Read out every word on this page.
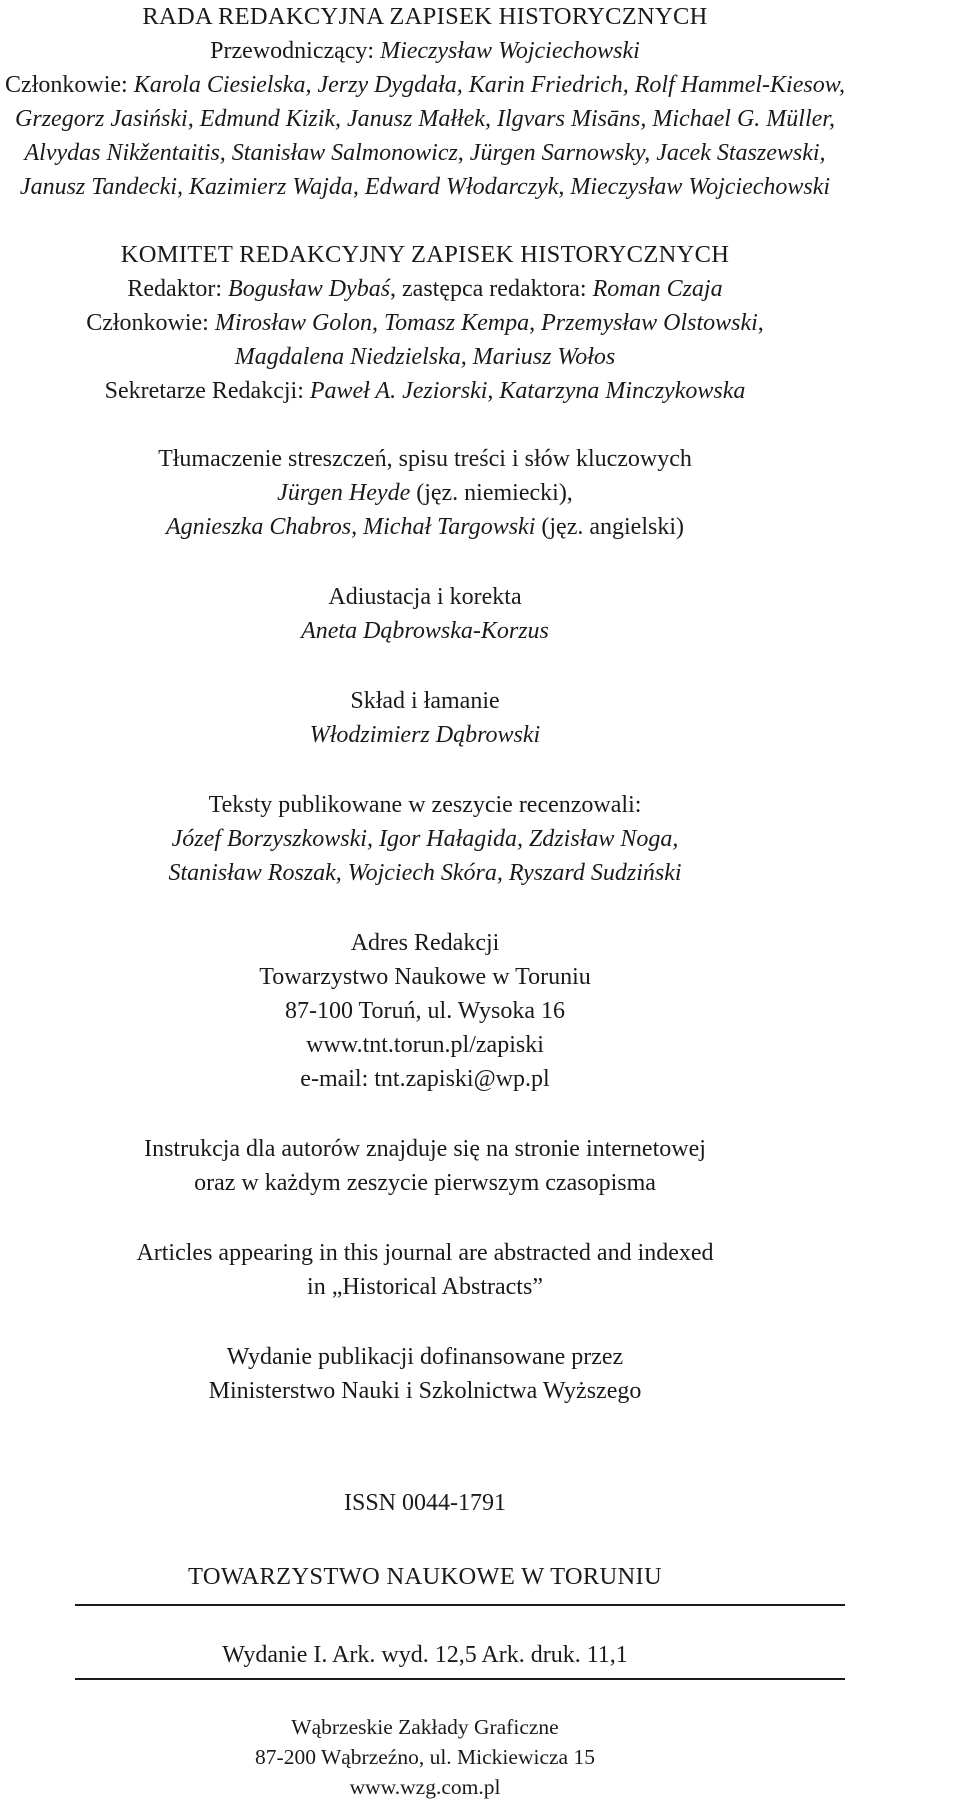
RADA REDAKCYJNA ZAPISEK HISTORYCZNYCH
Przewodniczący: Mieczysław Wojciechowski
Członkowie: Karola Ciesielska, Jerzy Dygdała, Karin Friedrich, Rolf Hammel-Kiesow,
Grzegorz Jasiński, Edmund Kizik, Janusz Małłek, Ilgvars Misāns, Michael G. Müller,
Alvydas Nikžentaitis, Stanisław Salmonowicz, Jürgen Sarnowsky, Jacek Staszewski,
Janusz Tandecki, Kazimierz Wajda, Edward Włodarczyk, Mieczysław Wojciechowski
KOMITET REDAKCYJNY ZAPISEK HISTORYCZNYCH
Redaktor: Bogusław Dybaś, zastępca redaktora: Roman Czaja
Członkowie: Mirosław Golon, Tomasz Kempa, Przemysław Olstowski,
Magdalena Niedzielska, Mariusz Wołos
Sekretarze Redakcji: Paweł A. Jeziorski, Katarzyna Minczykowska
Tłumaczenie streszczeń, spisu treści i słów kluczowych
Jürgen Heyde (jęz. niemiecki),
Agnieszka Chabros, Michał Targowski (jęz. angielski)
Adiustacja i korekta
Aneta Dąbrowska-Korzus
Skład i łamanie
Włodzimierz Dąbrowski
Teksty publikowane w zeszycie recenzowali:
Józef Borzyszkowski, Igor Hałagida, Zdzisław Noga,
Stanisław Roszak, Wojciech Skóra, Ryszard Sudziński
Adres Redakcji
Towarzystwo Naukowe w Toruniu
87-100 Toruń, ul. Wysoka 16
www.tnt.torun.pl/zapiski
e-mail: tnt.zapiski@wp.pl
Instrukcja dla autorów znajduje się na stronie internetowej
oraz w każdym zeszycie pierwszym czasopisma
Articles appearing in this journal are abstracted and indexed
in „Historical Abstracts”
Wydanie publikacji dofinansowane przez
Ministerstwo Nauki i Szkolnictwa Wyższego
ISSN 0044-1791
TOWARZYSTWO NAUKOWE W TORUNIU
Wydanie I. Ark. wyd. 12,5 Ark. druk. 11,1
Wąbrzeskie Zakłady Graficzne
87-200 Wąbrzeźno, ul. Mickiewicza 15
www.wzg.com.pl
